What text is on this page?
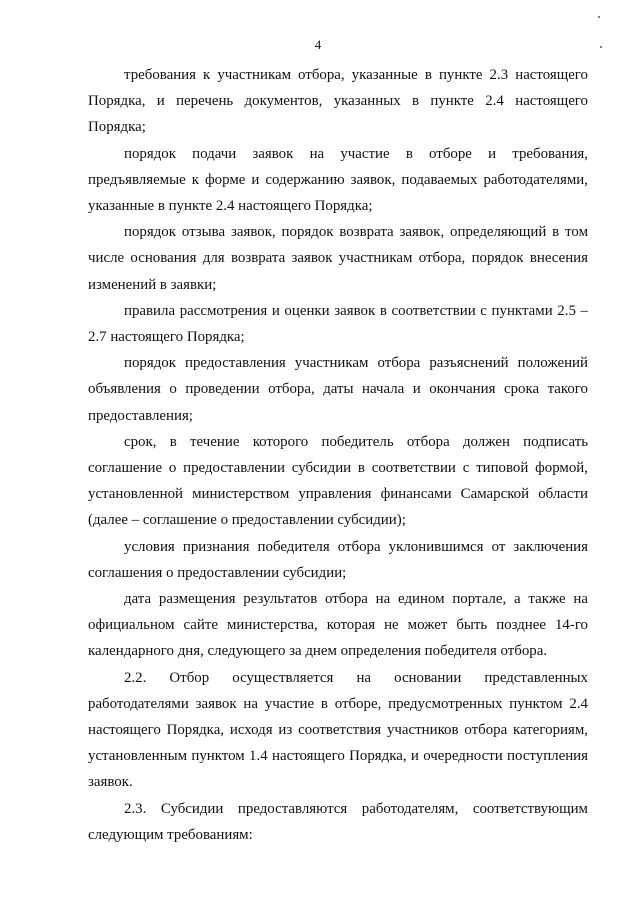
4

требования к участникам отбора, указанные в пункте 2.3 настоящего Порядка, и перечень документов, указанных в пункте 2.4 настоящего Порядка;

порядок подачи заявок на участие в отборе и требования, предъявляемые к форме и содержанию заявок, подаваемых работодателями, указанные в пункте 2.4 настоящего Порядка;

порядок отзыва заявок, порядок возврата заявок, определяющий в том числе основания для возврата заявок участникам отбора, порядок внесения изменений в заявки;

правила рассмотрения и оценки заявок в соответствии с пунктами 2.5 – 2.7 настоящего Порядка;

порядок предоставления участникам отбора разъяснений положений объявления о проведении отбора, даты начала и окончания срока такого предоставления;

срок, в течение которого победитель отбора должен подписать соглашение о предоставлении субсидии в соответствии с типовой формой, установленной министерством управления финансами Самарской области (далее – соглашение о предоставлении субсидии);

условия признания победителя отбора уклонившимся от заключения соглашения о предоставлении субсидии;

дата размещения результатов отбора на едином портале, а также на официальном сайте министерства, которая не может быть позднее 14-го календарного дня, следующего за днем определения победителя отбора.

2.2. Отбор осуществляется на основании представленных работодателями заявок на участие в отборе, предусмотренных пунктом 2.4 настоящего Порядка, исходя из соответствия участников отбора категориям, установленным пунктом 1.4 настоящего Порядка, и очередности поступления заявок.

2.3. Субсидии предоставляются работодателям, соответствующим следующим требованиям:
